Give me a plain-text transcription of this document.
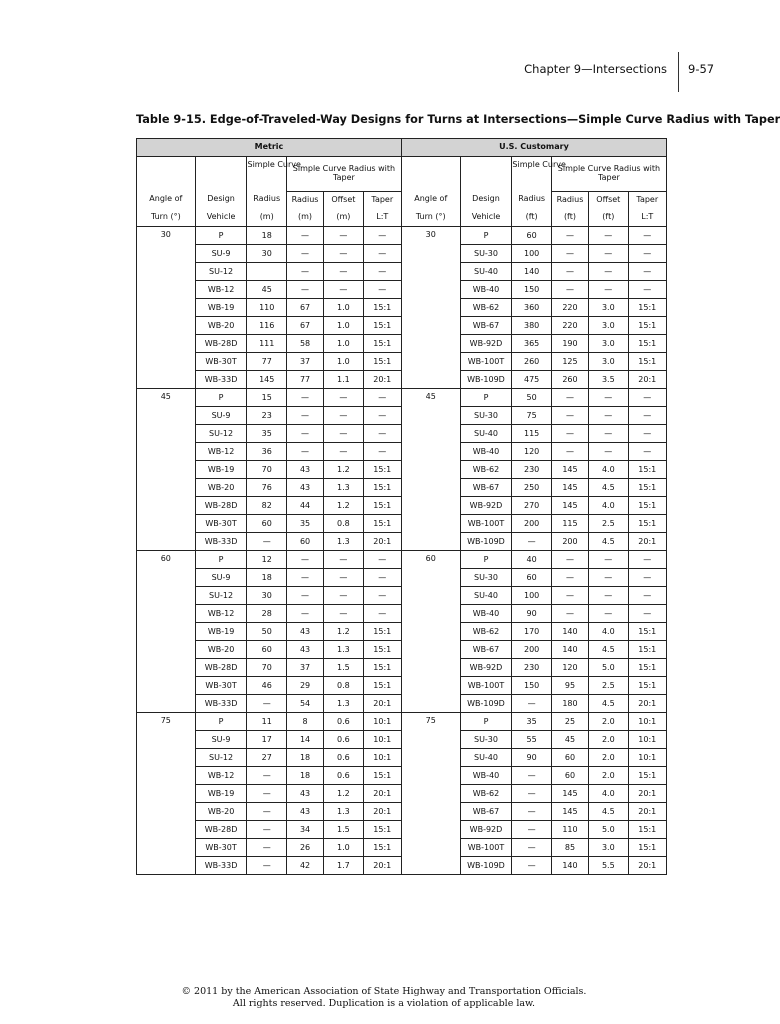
Chapter 9—Intersections 9-57
Table 9-15. Edge-of-Traveled-Way Designs for Turns at Intersections—Simple Curve Radius with Taper
Metric						U.S. Customary					
		Simple Curve	Simple Curve Radius with Taper					Simple Curve	Simple Curve Radius with Taper		

Angle of	Design	Radius	Radius	Offset	Taper	Angle of	Design	Radius	Radius	Offset	Taper
Turn (°)	Vehicle	(m)	(m)	(m)	L:T	Turn (°)	Vehicle	(ft)	(ft)	(ft)	L:T
30	P	18	—	—	—	30	P	60	—	—	—
	SU-9	30	—	—	—		SU-30	100	—	—	—
	SU-12		—	—	—		SU-40	140	—	—	—
	WB-12	45	—	—	—		WB-40	150	—	—	—
	WB-19	110	67	1.0	15:1		WB-62	360	220	3.0	15:1
	WB-20	116	67	1.0	15:1		WB-67	380	220	3.0	15:1
	WB-28D	111	58	1.0	15:1		WB-92D	365	190	3.0	15:1
	WB-30T	77	37	1.0	15:1		WB-100T	260	125	3.0	15:1
	WB-33D	145	77	1.1	20:1		WB-109D	475	260	3.5	20:1
45	P	15	—	—	—	45	P	50	—	—	—
	SU-9	23	—	—	—		SU-30	75	—	—	—
	SU-12	35	—	—	—		SU-40	115	—	—	—
	WB-12	36	—	—	—		WB-40	120	—	—	—
	WB-19	70	43	1.2	15:1		WB-62	230	145	4.0	15:1
	WB-20	76	43	1.3	15:1		WB-67	250	145	4.5	15:1
	WB-28D	82	44	1.2	15:1		WB-92D	270	145	4.0	15:1
	WB-30T	60	35	0.8	15:1		WB-100T	200	115	2.5	15:1
	WB-33D	—	60	1.3	20:1		WB-109D	—	200	4.5	20:1
60	P	12	—	—	—	60	P	40	—	—	—
	SU-9	18	—	—	—		SU-30	60	—	—	—
	SU-12	30	—	—	—		SU-40	100	—	—	—
	WB-12	28	—	—	—		WB-40	90	—	—	—
	WB-19	50	43	1.2	15:1		WB-62	170	140	4.0	15:1
	WB-20	60	43	1.3	15:1		WB-67	200	140	4.5	15:1
	WB-28D	70	37	1.5	15:1		WB-92D	230	120	5.0	15:1
	WB-30T	46	29	0.8	15:1		WB-100T	150	95	2.5	15:1
	WB-33D	—	54	1.3	20:1		WB-109D	—	180	4.5	20:1
75	P	11	8	0.6	10:1	75	P	35	25	2.0	10:1
	SU-9	17	14	0.6	10:1		SU-30	55	45	2.0	10:1
	SU-12	27	18	0.6	10:1		SU-40	90	60	2.0	10:1
	WB-12	—	18	0.6	15:1		WB-40	—	60	2.0	15:1
	WB-19	—	43	1.2	20:1		WB-62	—	145	4.0	20:1
	WB-20	—	43	1.3	20:1		WB-67	—	145	4.5	20:1
	WB-28D	—	34	1.5	15:1		WB-92D	—	110	5.0	15:1
	WB-30T	—	26	1.0	15:1		WB-100T	—	85	3.0	15:1
	WB-33D	—	42	1.7	20:1		WB-109D	—	140	5.5	20:1
© 2011 by the American Association of State Highway and Transportation Officials.
All rights reserved. Duplication is a violation of applicable law.
